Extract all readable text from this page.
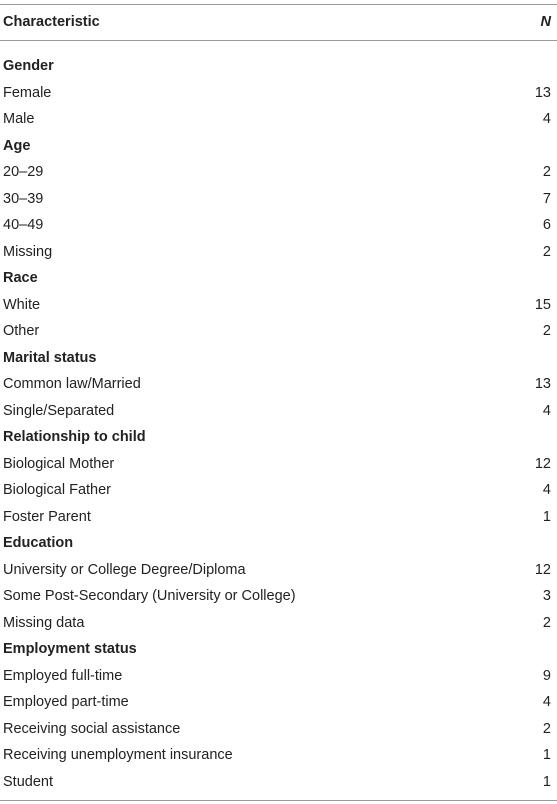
Characteristic	N
Gender
Female	13
Male	4
Age
20–29	2
30–39	7
40–49	6
Missing	2
Race
White	15
Other	2
Marital status
Common law/Married	13
Single/Separated	4
Relationship to child
Biological Mother	12
Biological Father	4
Foster Parent	1
Education
University or College Degree/Diploma	12
Some Post-Secondary (University or College)	3
Missing data	2
Employment status
Employed full-time	9
Employed part-time	4
Receiving social assistance	2
Receiving unemployment insurance	1
Student	1
